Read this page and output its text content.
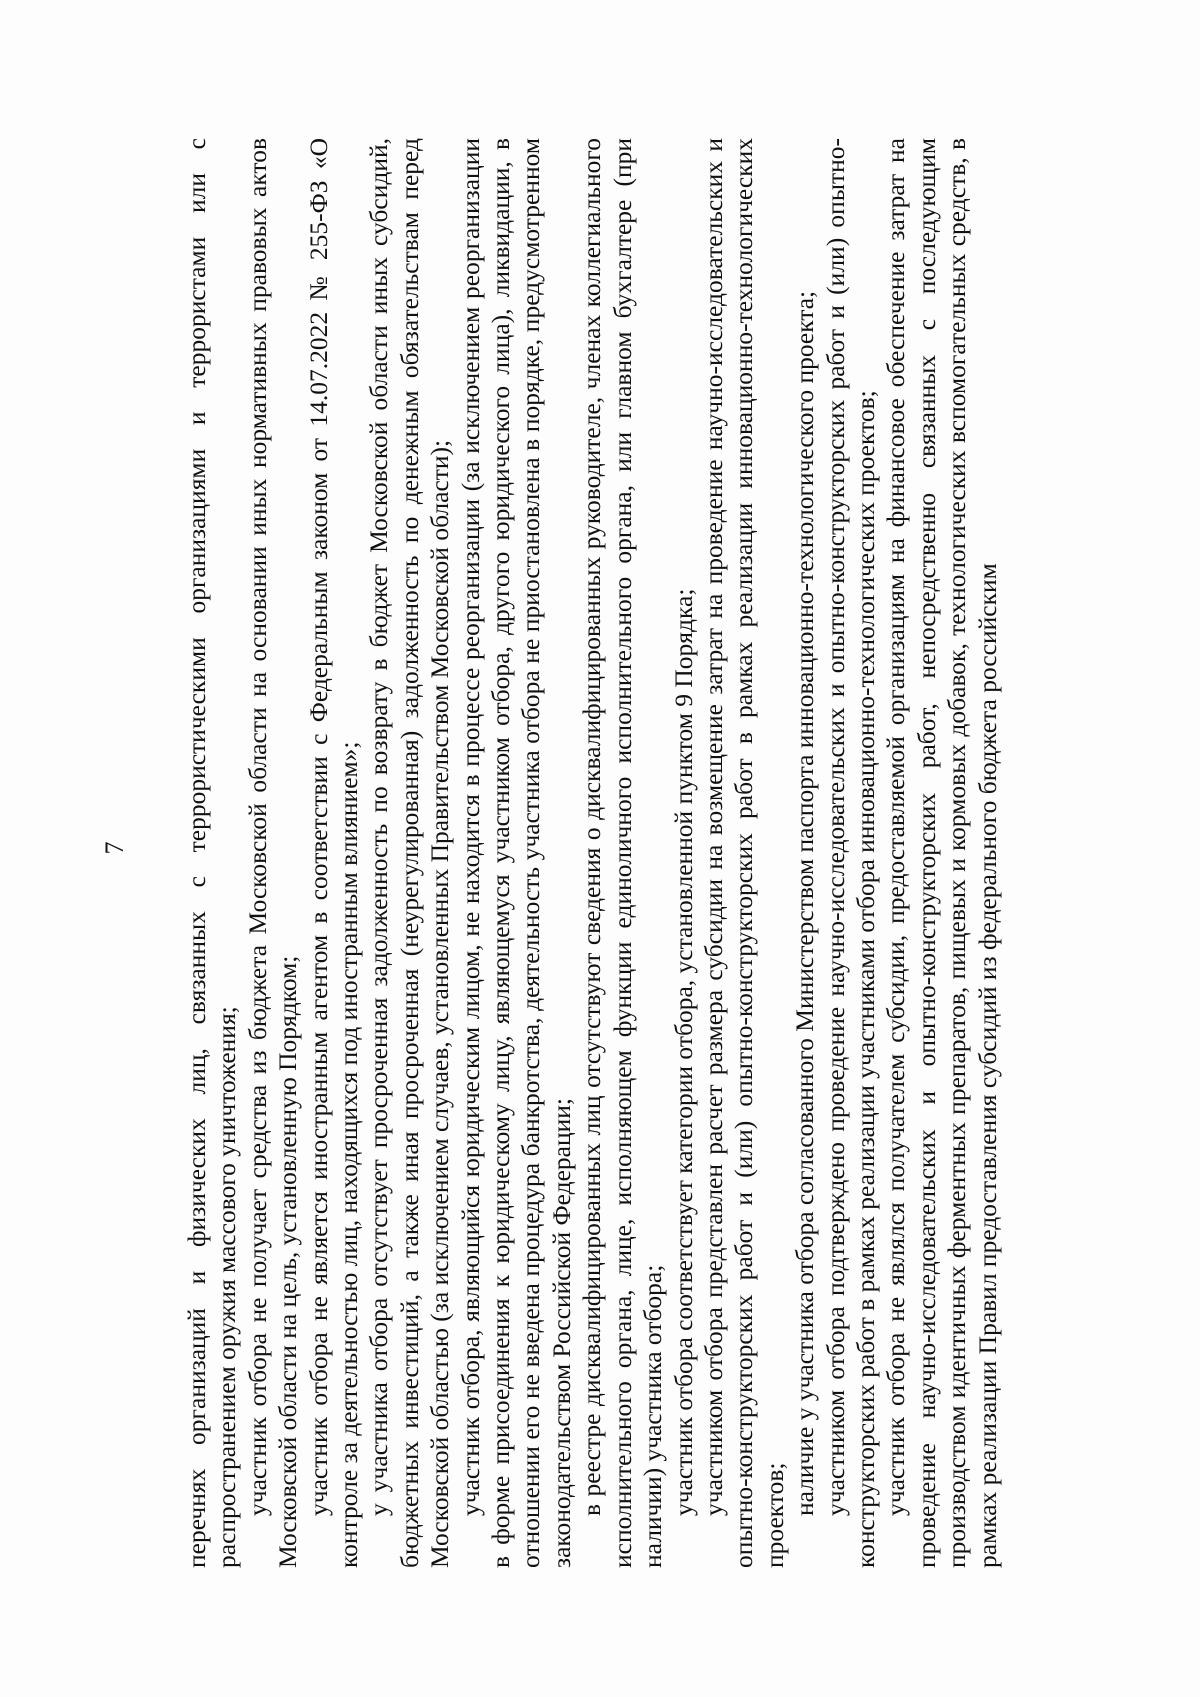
7 перечнях организаций и физических лиц, связанных с террористическими организациями и террористами или с распространением оружия массового уничтожения; участник отбора не получает средства из бюджета Московской области на основании иных нормативных правовых актов Московской области на цель, установленную Порядком; участник отбора не является иностранным агентом в соответствии с Федеральным законом от 14.07.2022 № 255-ФЗ «О контроле за деятельностью лиц, находящихся под иностранным влиянием»; у участника отбора отсутствует просроченная задолженность по возврату в бюджет Московской области иных субсидий, бюджетных инвестиций, а также иная просроченная (неурегулированная) задолженность по денежным обязательствам перед Московской областью (за исключением случаев, установленных Правительством Московской области); участник отбора, являющийся юридическим лицом, не находится в процессе реорганизации (за исключением реорганизации в форме присоединения к юридическому лицу, являющемуся участником отбора, другого юридического лица), ликвидации, в отношении его не введена процедура банкротства, деятельность участника отбора не приостановлена в порядке, предусмотренном законодательством Российской Федерации; в реестре дисквалифицированных лиц отсутствуют сведения о дисквалифицированных руководителе, членах коллегиального исполнительного органа, лице, исполняющем функции единоличного исполнительного органа, или главном бухгалтере (при наличии) участника отбора; участник отбора соответствует категории отбора, установленной пунктом 9 Порядка; участником отбора представлен расчет размера субсидии на возмещение затрат на проведение научно-исследовательских и опытно-конструкторских работ и (или) опытно-конструкторских работ в рамках реализации инновационно-технологических проектов; наличие у участника отбора согласованного Министерством паспорта инновационно-технологического проекта; участником отбора подтверждено проведение научно-исследовательских и опытно-конструкторских работ и (или) опытно-конструкторских работ в рамках реализации участниками отбора инновационно-технологических проектов; участник отбора не являлся получателем субсидии, предоставляемой организациям на финансовое обеспечение затрат на проведение научно-исследовательских и опытно-конструкторских работ, непосредственно связанных с последующим производством идентичных ферментных препаратов, пищевых и кормовых добавок, технологических вспомогательных средств, в рамках реализации Правил предоставления субсидий из федерального бюджета российским
